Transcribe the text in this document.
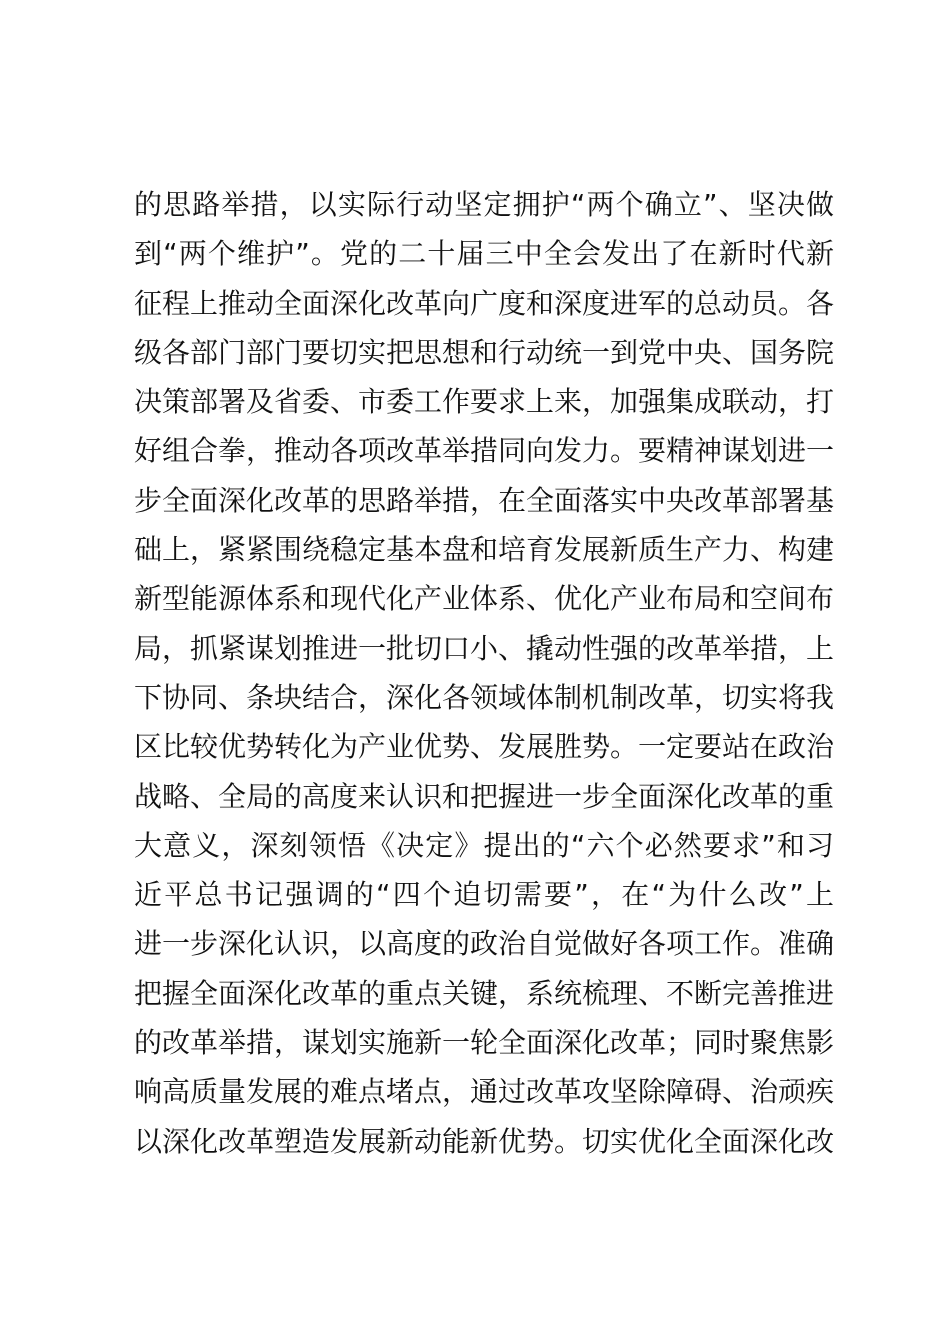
的思路举措，以实际行动坚定拥护“两个确立”、坚决做
到“两个维护”。党的二十届三中全会发出了在新时代新
征程上推动全面深化改革向广度和深度进军的总动员。各
级各部门部门要切实把思想和行动统一到党中央、国务院
决策部署及省委、市委工作要求上来，加强集成联动，打
好组合拳，推动各项改革举措同向发力。要精神谋划进一
步全面深化改革的思路举措，在全面落实中央改革部署基
础上，紧紧围绕稳定基本盘和培育发展新质生产力、构建
新型能源体系和现代化产业体系、优化产业布局和空间布
局，抓紧谋划推进一批切口小、撬动性强的改革举措，上
下协同、条块结合，深化各领域体制机制改革，切实将我
区比较优势转化为产业优势、发展胜势。一定要站在政治
战略、全局的高度来认识和把握进一步全面深化改革的重
大意义，深刻领悟《决定》提出的“六个必然要求”和习
近平总书记强调的“四个迫切需要”，在“为什么改”上
进一步深化认识，以高度的政治自觉做好各项工作。准确
把握全面深化改革的重点关键，系统梳理、不断完善推进
的改革举措，谋划实施新一轮全面深化改革；同时聚焦影
响高质量发展的难点堵点，通过改革攻坚除障碍、治顽疾
以深化改革塑造发展新动能新优势。切实优化全面深化改
